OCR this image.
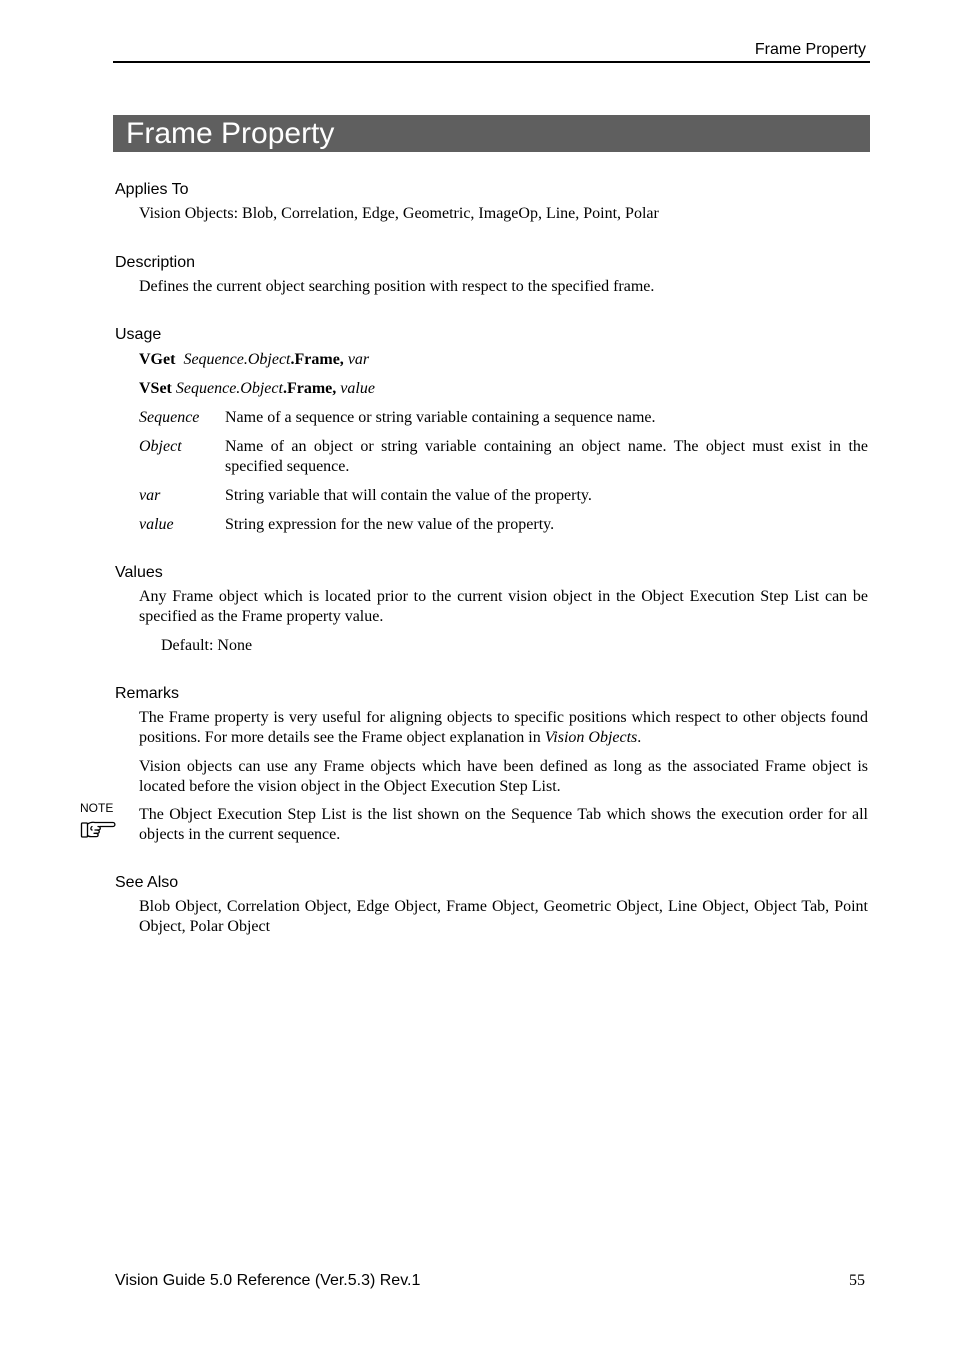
Frame Property
Frame Property
Applies To
Vision Objects: Blob, Correlation, Edge, Geometric, ImageOp, Line, Point, Polar
Description
Defines the current object searching position with respect to the specified frame.
Usage
VGet Sequence.Object.Frame, var
VSet Sequence.Object.Frame, value
Sequence Name of a sequence or string variable containing a sequence name.
Object	Name of an object or string variable containing an object name. The object must exist in the specified sequence.
var	String variable that will contain the value of the property.
value	String expression for the new value of the property.
Values
Any Frame object which is located prior to the current vision object in the Object Execution Step List can be specified as the Frame property value.
Default: None
Remarks
The Frame property is very useful for aligning objects to specific positions which respect to other objects found positions. For more details see the Frame object explanation in Vision Objects.
Vision objects can use any Frame objects which have been defined as long as the associated Frame object is located before the vision object in the Object Execution Step List.
NOTE The Object Execution Step List is the list shown on the Sequence Tab which shows the execution order for all objects in the current sequence.
See Also
Blob Object, Correlation Object, Edge Object, Frame Object, Geometric Object, Line Object, Object Tab, Point Object, Polar Object
Vision Guide 5.0 Reference (Ver.5.3) Rev.1	55
